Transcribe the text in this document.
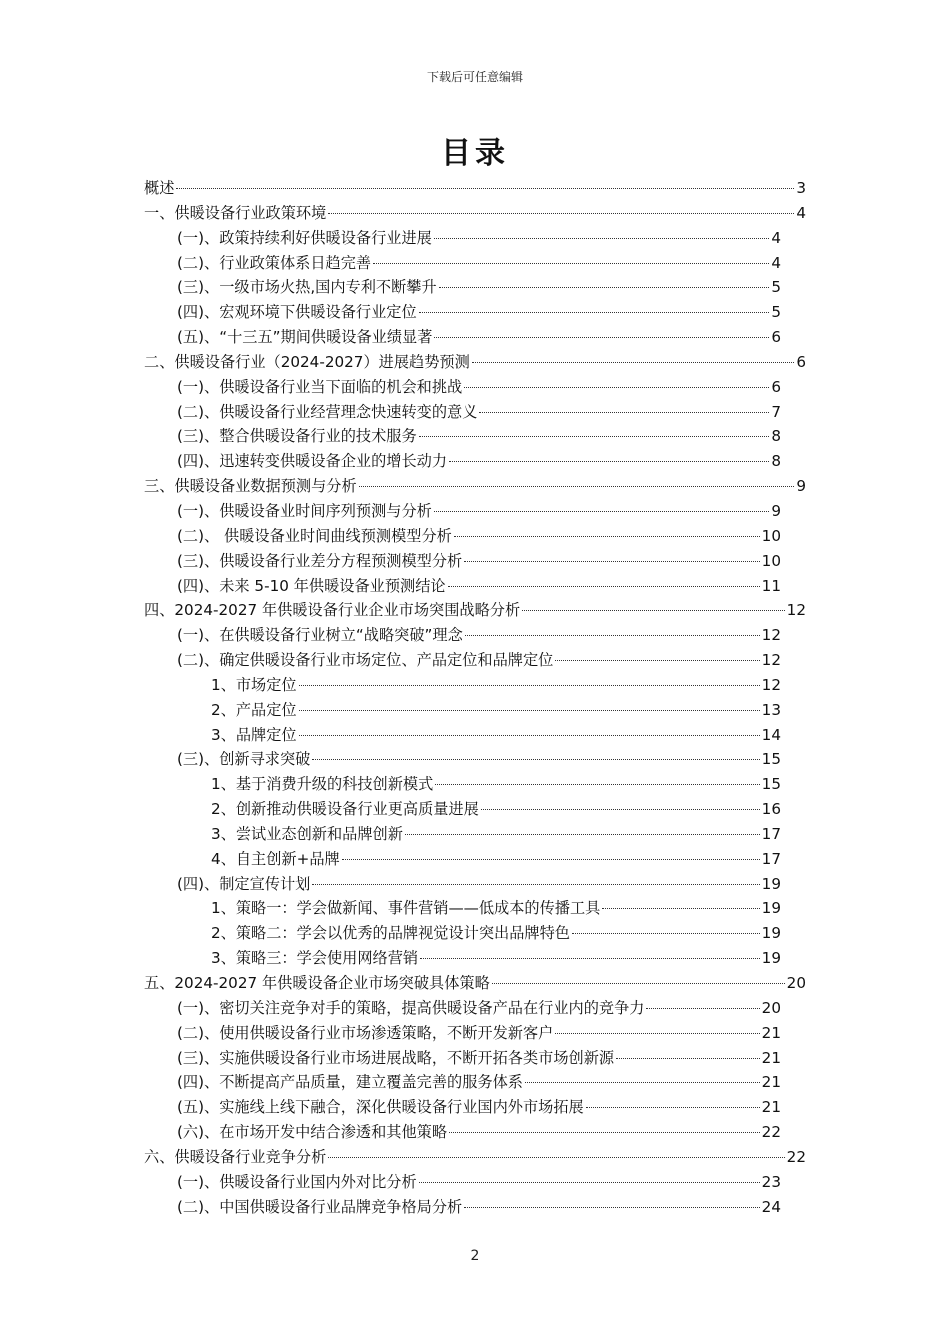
下载后可任意编辑
目录
概述	3
一、供暖设备行业政策环境	4
(一)、政策持续利好供暖设备行业进展	4
(二)、行业政策体系日趋完善	4
(三)、一级市场火热,国内专利不断攀升	5
(四)、宏观环境下供暖设备行业定位	5
(五)、“十三五”期间供暖设备业绩显著	6
二、供暖设备行业（2024-2027）进展趋势预测	6
(一)、供暖设备行业当下面临的机会和挑战	6
(二)、供暖设备行业经营理念快速转变的意义	7
(三)、整合供暖设备行业的技术服务	8
(四)、迅速转变供暖设备企业的增长动力	8
三、供暖设备业数据预测与分析	9
(一)、供暖设备业时间序列预测与分析	9
(二)、 供暖设备业时间曲线预测模型分析	10
(三)、供暖设备行业差分方程预测模型分析	10
(四)、未来 5-10 年供暖设备业预测结论	11
四、2024-2027 年供暖设备行业企业市场突围战略分析	12
(一)、在供暖设备行业树立“战略突破”理念	12
(二)、确定供暖设备行业市场定位、产品定位和品牌定位	12
1、市场定位	12
2、产品定位	13
3、品牌定位	14
(三)、创新寻求突破	15
1、基于消费升级的科技创新模式	15
2、创新推动供暖设备行业更高质量进展	16
3、尝试业态创新和品牌创新	17
4、自主创新+品牌	17
(四)、制定宣传计划	19
1、策略一：学会做新闻、事件营销——低成本的传播工具	19
2、策略二：学会以优秀的品牌视觉设计突出品牌特色	19
3、策略三：学会使用网络营销	19
五、2024-2027 年供暖设备企业市场突破具体策略	20
(一)、密切关注竞争对手的策略，提高供暖设备产品在行业内的竞争力	20
(二)、使用供暖设备行业市场渗透策略，不断开发新客户	21
(三)、实施供暖设备行业市场进展战略，不断开拓各类市场创新源	21
(四)、不断提高产品质量，建立覆盖完善的服务体系	21
(五)、实施线上线下融合，深化供暖设备行业国内外市场拓展	21
(六)、在市场开发中结合渗透和其他策略	22
六、供暖设备行业竞争分析	22
(一)、供暖设备行业国内外对比分析	23
(二)、中国供暖设备行业品牌竞争格局分析	24
2
